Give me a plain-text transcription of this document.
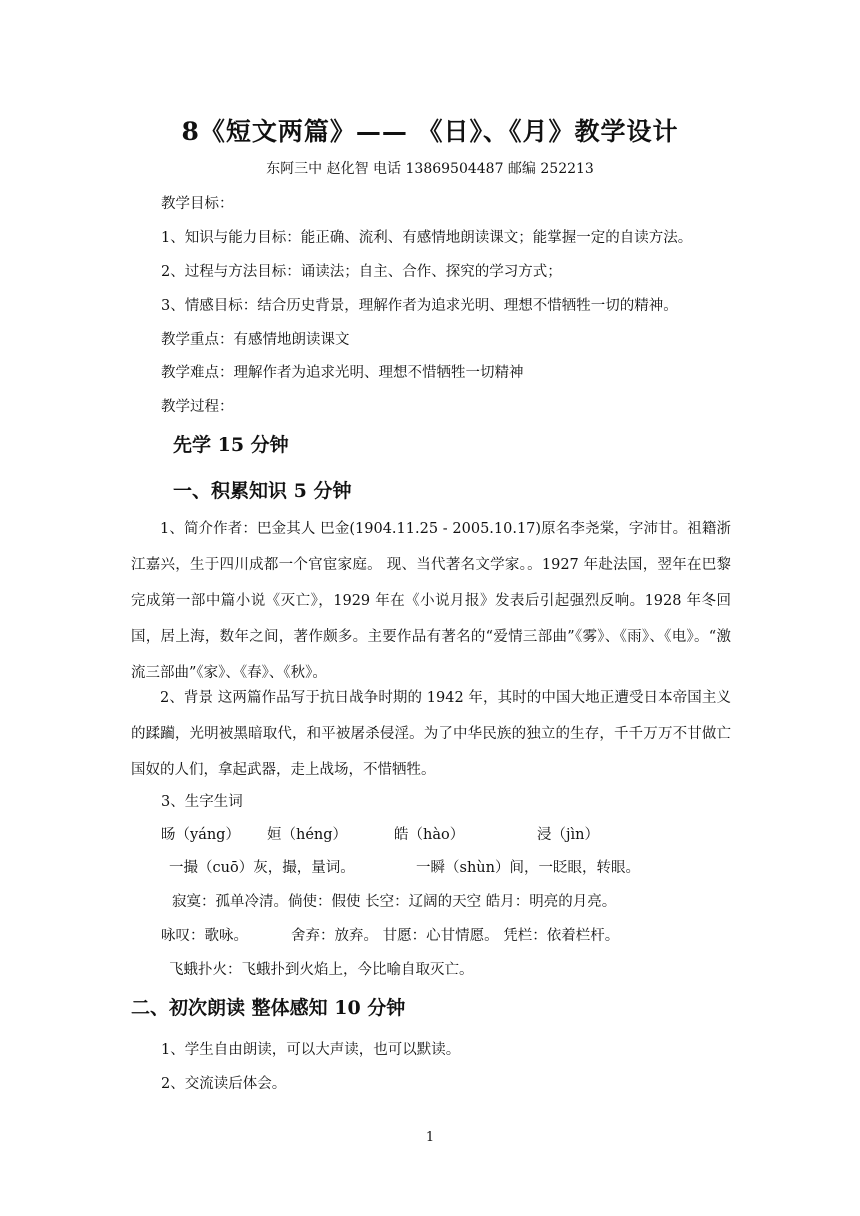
8《短文两篇》—— 《日》、《月》教学设计
东阿三中 赵化智 电话 13869504487 邮编 252213
教学目标：
1、知识与能力目标：能正确、流利、有感情地朗读课文；能掌握一定的自读方法。
2、过程与方法目标：诵读法；自主、合作、探究的学习方式；
3、情感目标：结合历史背景，理解作者为追求光明、理想不惜牺牲一切的精神。
教学重点：有感情地朗读课文
教学难点：理解作者为追求光明、理想不惜牺牲一切精神
教学过程：
先学 15 分钟
一、积累知识 5 分钟
1、简介作者：巴金其人 巴金(1904.11.25 - 2005.10.17)原名李尧棠，字沛甘。祖籍浙江嘉兴，生于四川成都一个官宦家庭。 现、当代著名文学家。。1927 年赴法国，翌年在巴黎完成第一部中篇小说《灭亡》，1929 年在《小说月报》发表后引起强烈反响。1928 年冬回国，居上海，数年之间，著作颇多。主要作品有著名的“爱情三部曲”《雾》、《雨》、《电》。“激流三部曲”《家》、《春》、《秋》。
2、背景 这两篇作品写于抗日战争时期的 1942 年，其时的中国大地正遭受日本帝国主义的蹂躏，光明被黑暗取代，和平被屠杀侵淫。为了中华民族的独立的生存，千千万万不甘做亡国奴的人们，拿起武器，走上战场，不惜牺牲。
3、生字生词
旸（yáng） 姮（héng）	皓（hào）	浸（jìn）
一撮（cuō）灰，撮，量词。	一瞬（shùn）间，一眨眼，转眼。
寂寞：孤单冷清。倘使：假使 长空：辽阔的天空 皓月：明亮的月亮。
咏叹：歌咏。	舍弃：放弃。 甘愿：心甘情愿。 凭栏：依着栏杆。
飞蛾扑火：飞蛾扑到火焰上，今比喻自取灭亡。
二、初次朗读 整体感知 10 分钟
1、学生自由朗读，可以大声读，也可以默读。
2、交流读后体会。
1
